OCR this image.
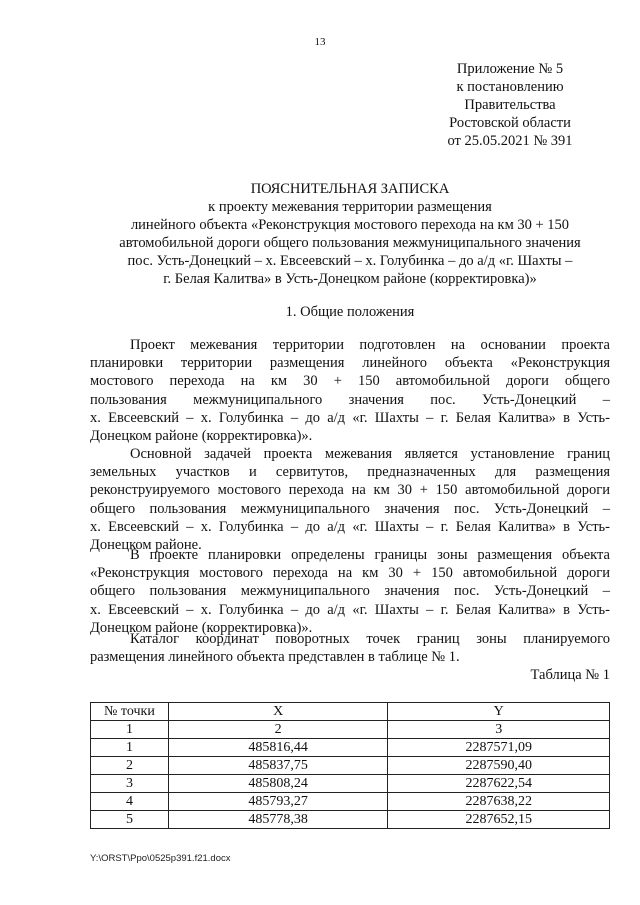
13
Приложение № 5
к постановлению
Правительства
Ростовской области
от 25.05.2021 № 391
ПОЯСНИТЕЛЬНАЯ ЗАПИСКА
к проекту межевания территории размещения
линейного объекта «Реконструкция мостового перехода на км 30 + 150
автомобильной дороги общего пользования межмуниципального значения
пос. Усть-Донецкий – х. Евсеевский – х. Голубинка – до а/д «г. Шахты –
г. Белая Калитва» в Усть-Донецком районе (корректировка)»
1. Общие положения
Проект межевания территории подготовлен на основании проекта
планировки территории размещения линейного объекта «Реконструкция
мостового перехода на км 30 + 150 автомобильной дороги общего
пользования межмуниципального значения пос. Усть-Донецкий –
х. Евсеевский – х. Голубинка – до а/д «г. Шахты – г. Белая Калитва» в Усть-
Донецком районе (корректировка)».
Основной задачей проекта межевания является установление границ
земельных участков и сервитутов, предназначенных для размещения
реконструируемого мостового перехода на км 30 + 150 автомобильной дороги
общего пользования межмуниципального значения пос. Усть-Донецкий –
х. Евсеевский – х. Голубинка – до а/д «г. Шахты – г. Белая Калитва» в Усть-
Донецком районе.
В проекте планировки определены границы зоны размещения объекта
«Реконструкция мостового перехода на км 30 + 150 автомобильной дороги
общего пользования межмуниципального значения пос. Усть-Донецкий –
х. Евсеевский – х. Голубинка – до а/д «г. Шахты – г. Белая Калитва» в Усть-
Донецком районе (корректировка)».
Каталог координат поворотных точек границ зоны планируемого
размещения линейного объекта представлен в таблице № 1.
Таблица № 1
№ точки	X	Y
1	2	3
1	485816,44	2287571,09
2	485837,75	2287590,40
3	485808,24	2287622,54
4	485793,27	2287638,22
5	485778,38	2287652,15
Y:\ORST\Ppo\0525p391.f21.docx
